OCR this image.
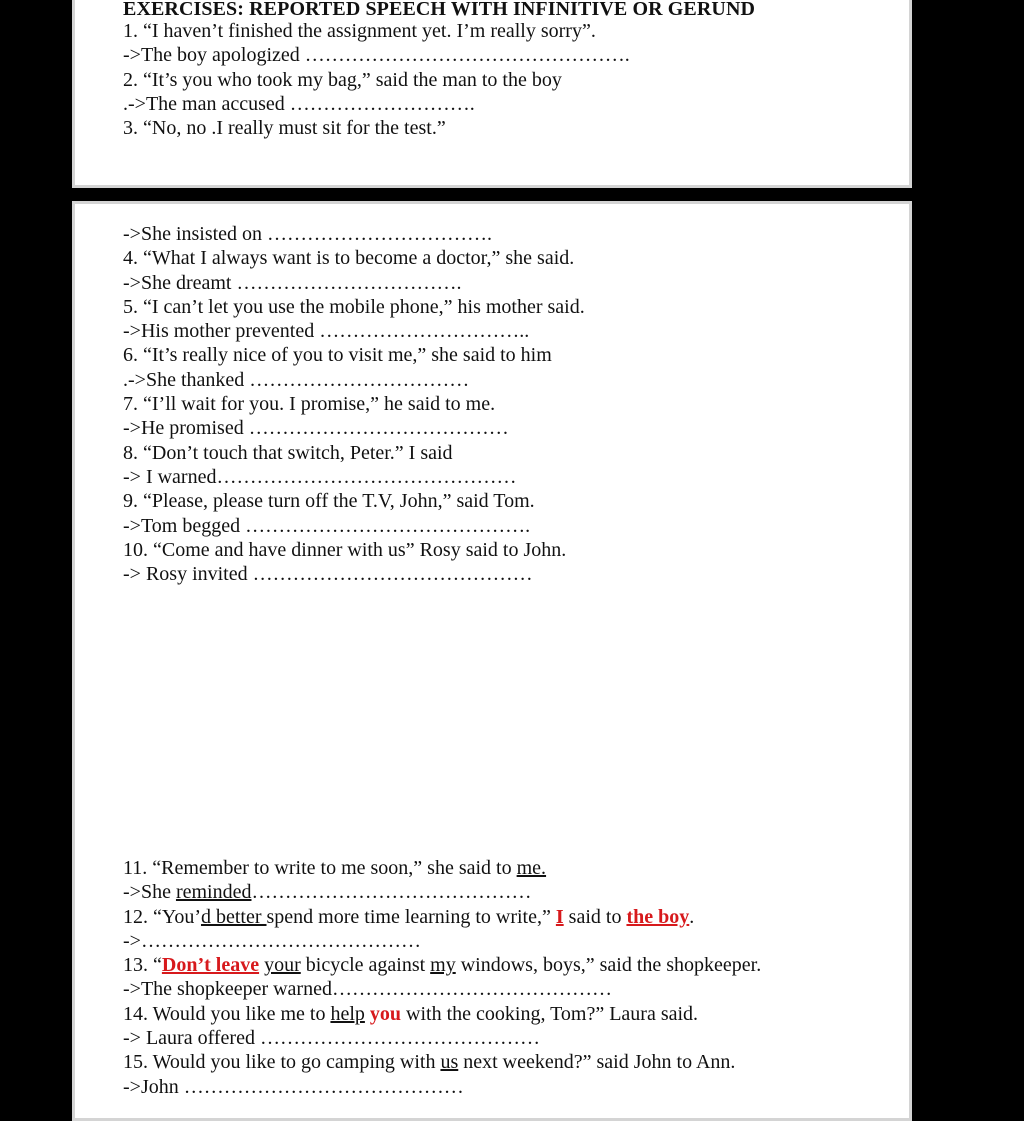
EXERCISES: REPORTED SPEECH WITH INFINITIVE OR GERUND
1. “I haven’t finished the assignment yet. I’m really sorry”.
->The boy apologized ………………………………………….
2. “It’s you who took my bag,” said the man to the boy
.->The man accused ……………………….
3. “No, no .I really must sit for the test.”
->She insisted on …………………………….
4. “What I always want is to become a doctor,” she said.
->She dreamt …………………………….
5. “I can’t let you use the mobile phone,” his mother said.
->His mother prevented …………………………..
6. “It’s really nice of you to visit me,” she said to him
.->She thanked ……………………………
7. “I’ll wait for you. I promise,” he said to me.
->He promised …………………………………
8. “Don’t touch that switch, Peter.” I said
-> I warned………………………………………
9. “Please, please turn off the T.V, John,” said Tom.
->Tom begged …………………………………….
10. “Come and have dinner with us” Rosy said to John.
-> Rosy invited ……………………………………
11. “Remember to write to me soon,” she said to me.
->She reminded……………………………………
12. “You’d better spend more time learning to write,” I said to the boy.
->……………………………………
13. “Don’t leave your bicycle against my windows, boys,” said the shopkeeper.
->The shopkeeper warned……………………………………
14. Would you like me to help you with the cooking, Tom?” Laura said.
-> Laura offered ……………………………………
15. Would you like to go camping with us next weekend?” said John to Ann.
->John ……………………………………
